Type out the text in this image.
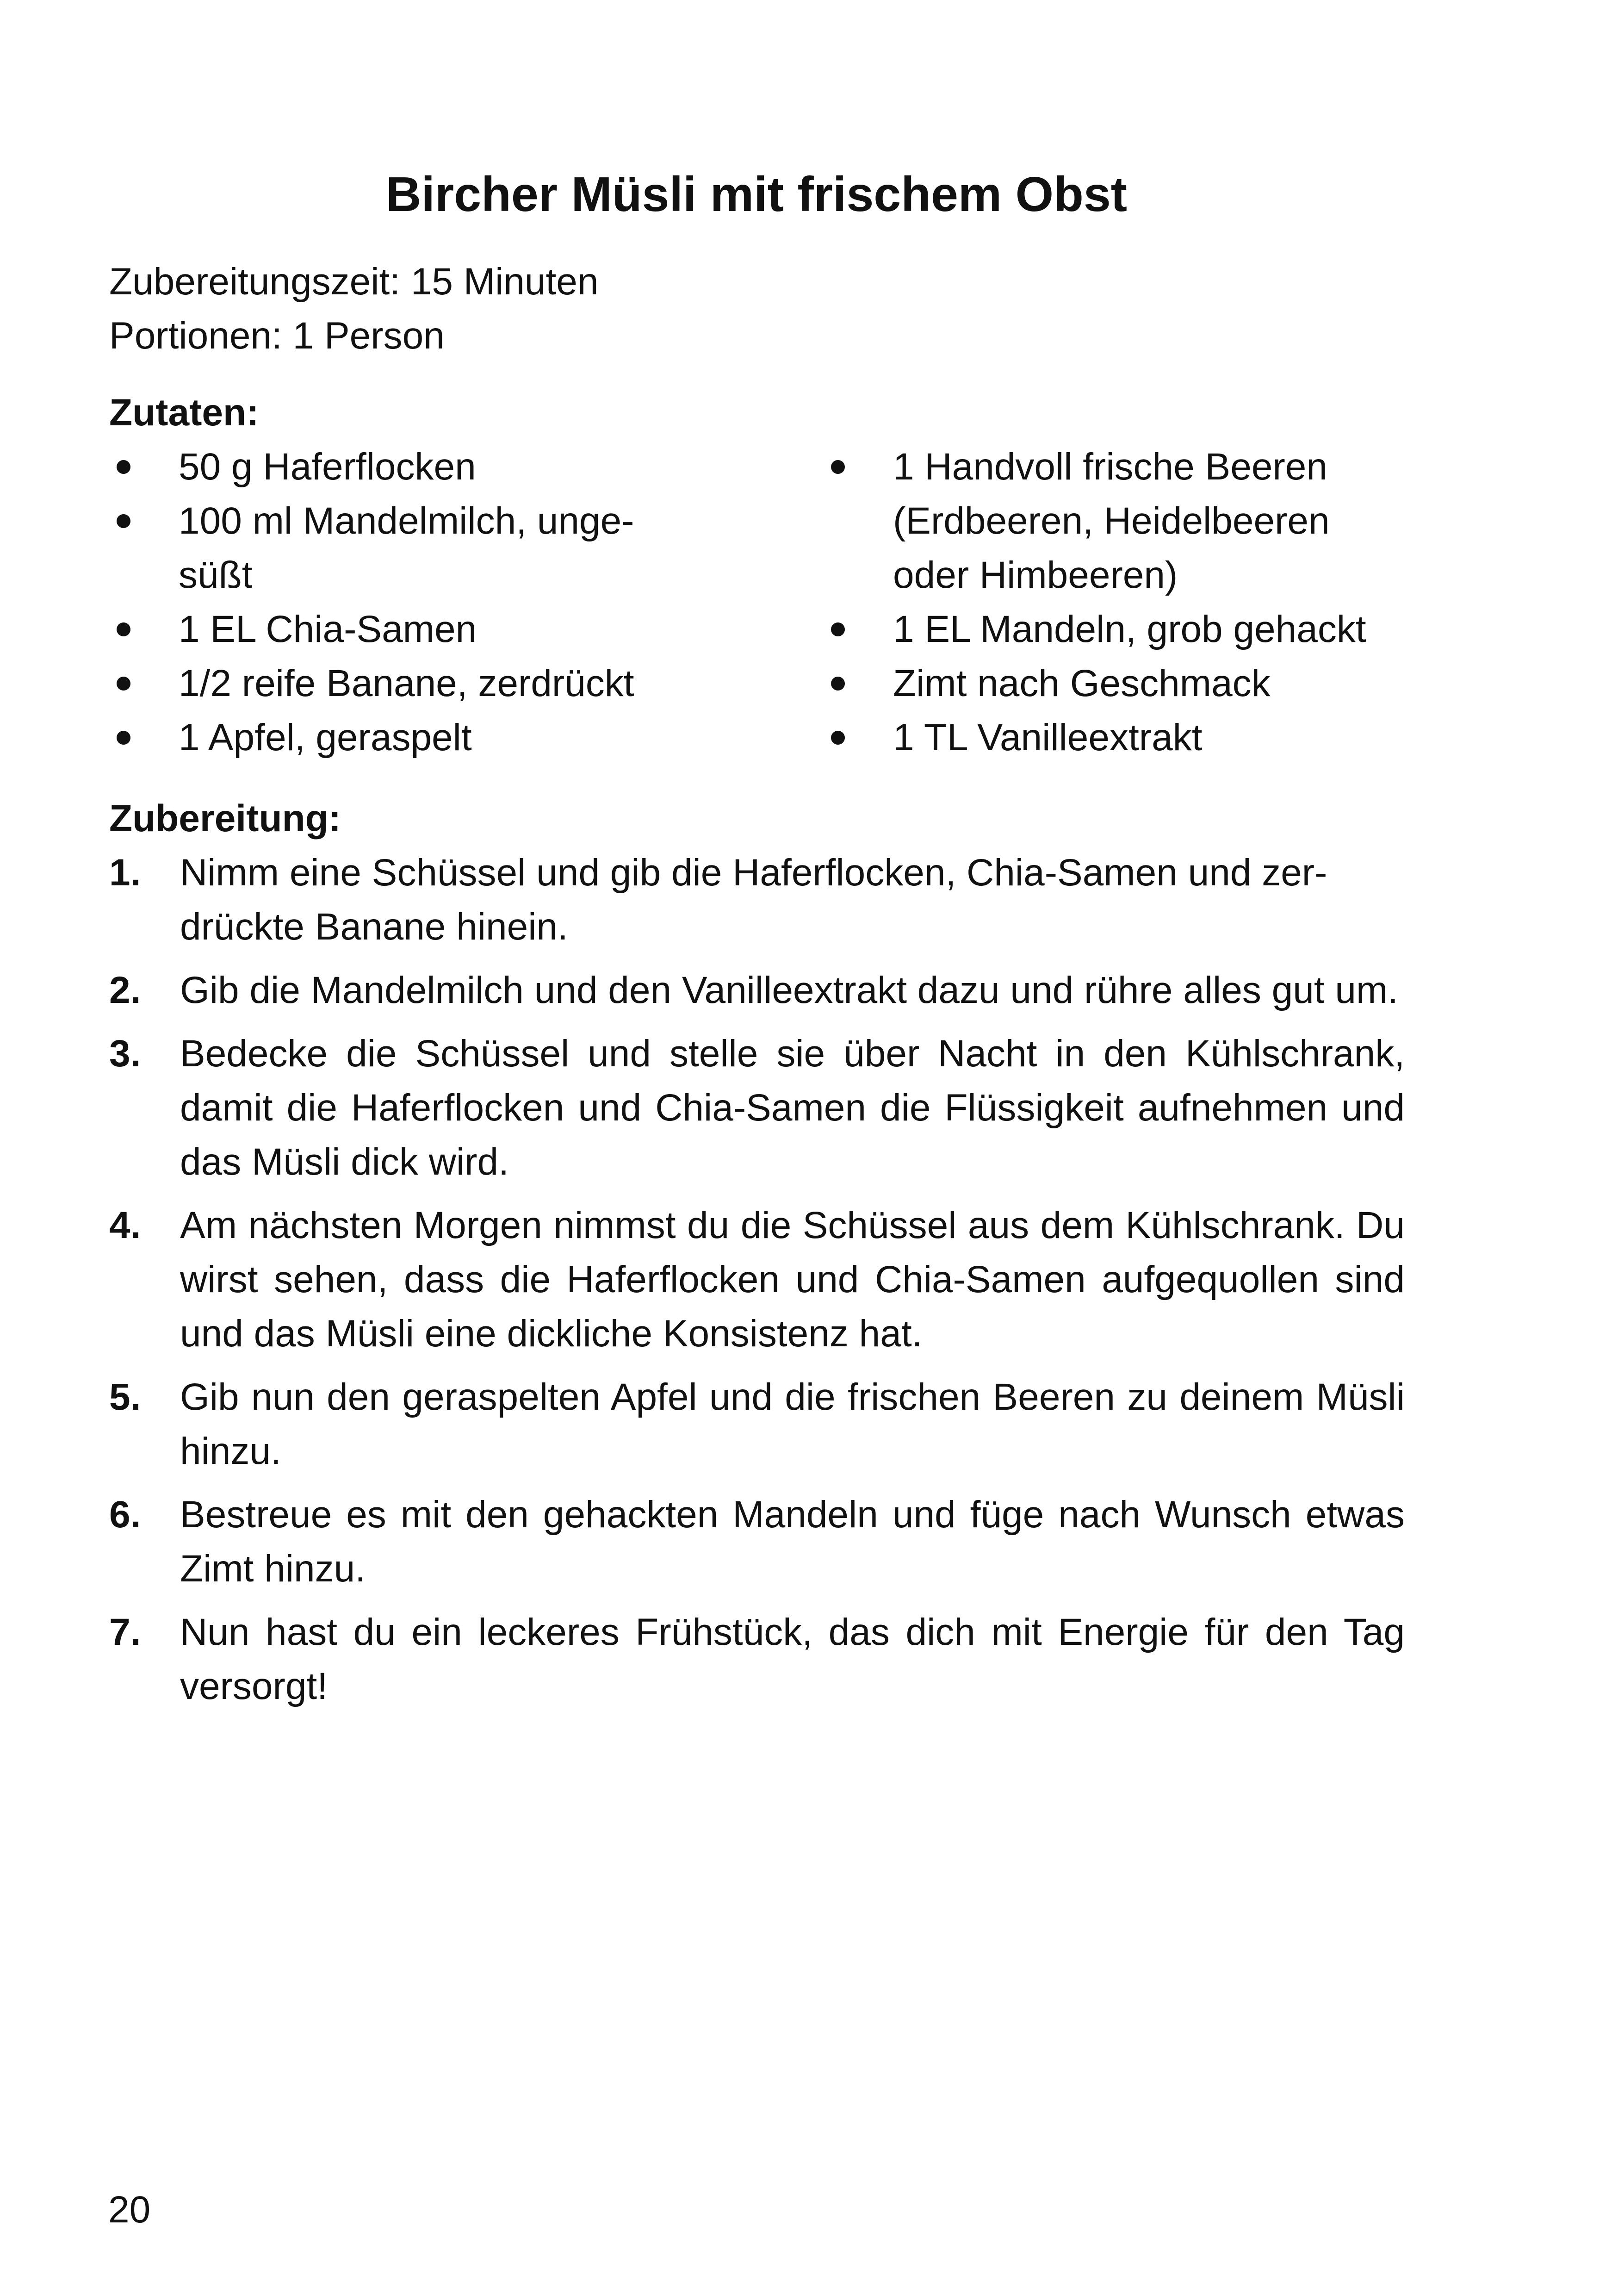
Bircher Müsli mit frischem Obst
Zubereitungszeit: 15 Minuten
Portionen: 1 Person
Zutaten:
50 g Haferflocken
100 ml Mandelmilch, unge-
süßt
1 EL Chia-Samen
1/2 reife Banane, zerdrückt
1 Apfel, geraspelt
1 Handvoll frische Beeren
(Erdbeeren, Heidelbeeren
oder Himbeeren)
1 EL Mandeln, grob gehackt
Zimt nach Geschmack
1 TL Vanilleextrakt
Zubereitung:
1. Nimm eine Schüssel und gib die Haferflocken, Chia-Samen und zer-
drückte Banane hinein.
2. Gib die Mandelmilch und den Vanilleextrakt dazu und rühre alles gut um.
3. Bedecke die Schüssel und stelle sie über Nacht in den Kühlschrank, damit die Haferflocken und Chia-Samen die Flüssigkeit aufnehmen und das Müsli dick wird.
4. Am nächsten Morgen nimmst du die Schüssel aus dem Kühlschrank. Du wirst sehen, dass die Haferflocken und Chia-Samen aufgequollen sind und das Müsli eine dickliche Konsistenz hat.
5. Gib nun den geraspelten Apfel und die frischen Beeren zu deinem Müsli hinzu.
6. Bestreue es mit den gehackten Mandeln und füge nach Wunsch etwas Zimt hinzu.
7. Nun hast du ein leckeres Frühstück, das dich mit Energie für den Tag versorgt!
20
